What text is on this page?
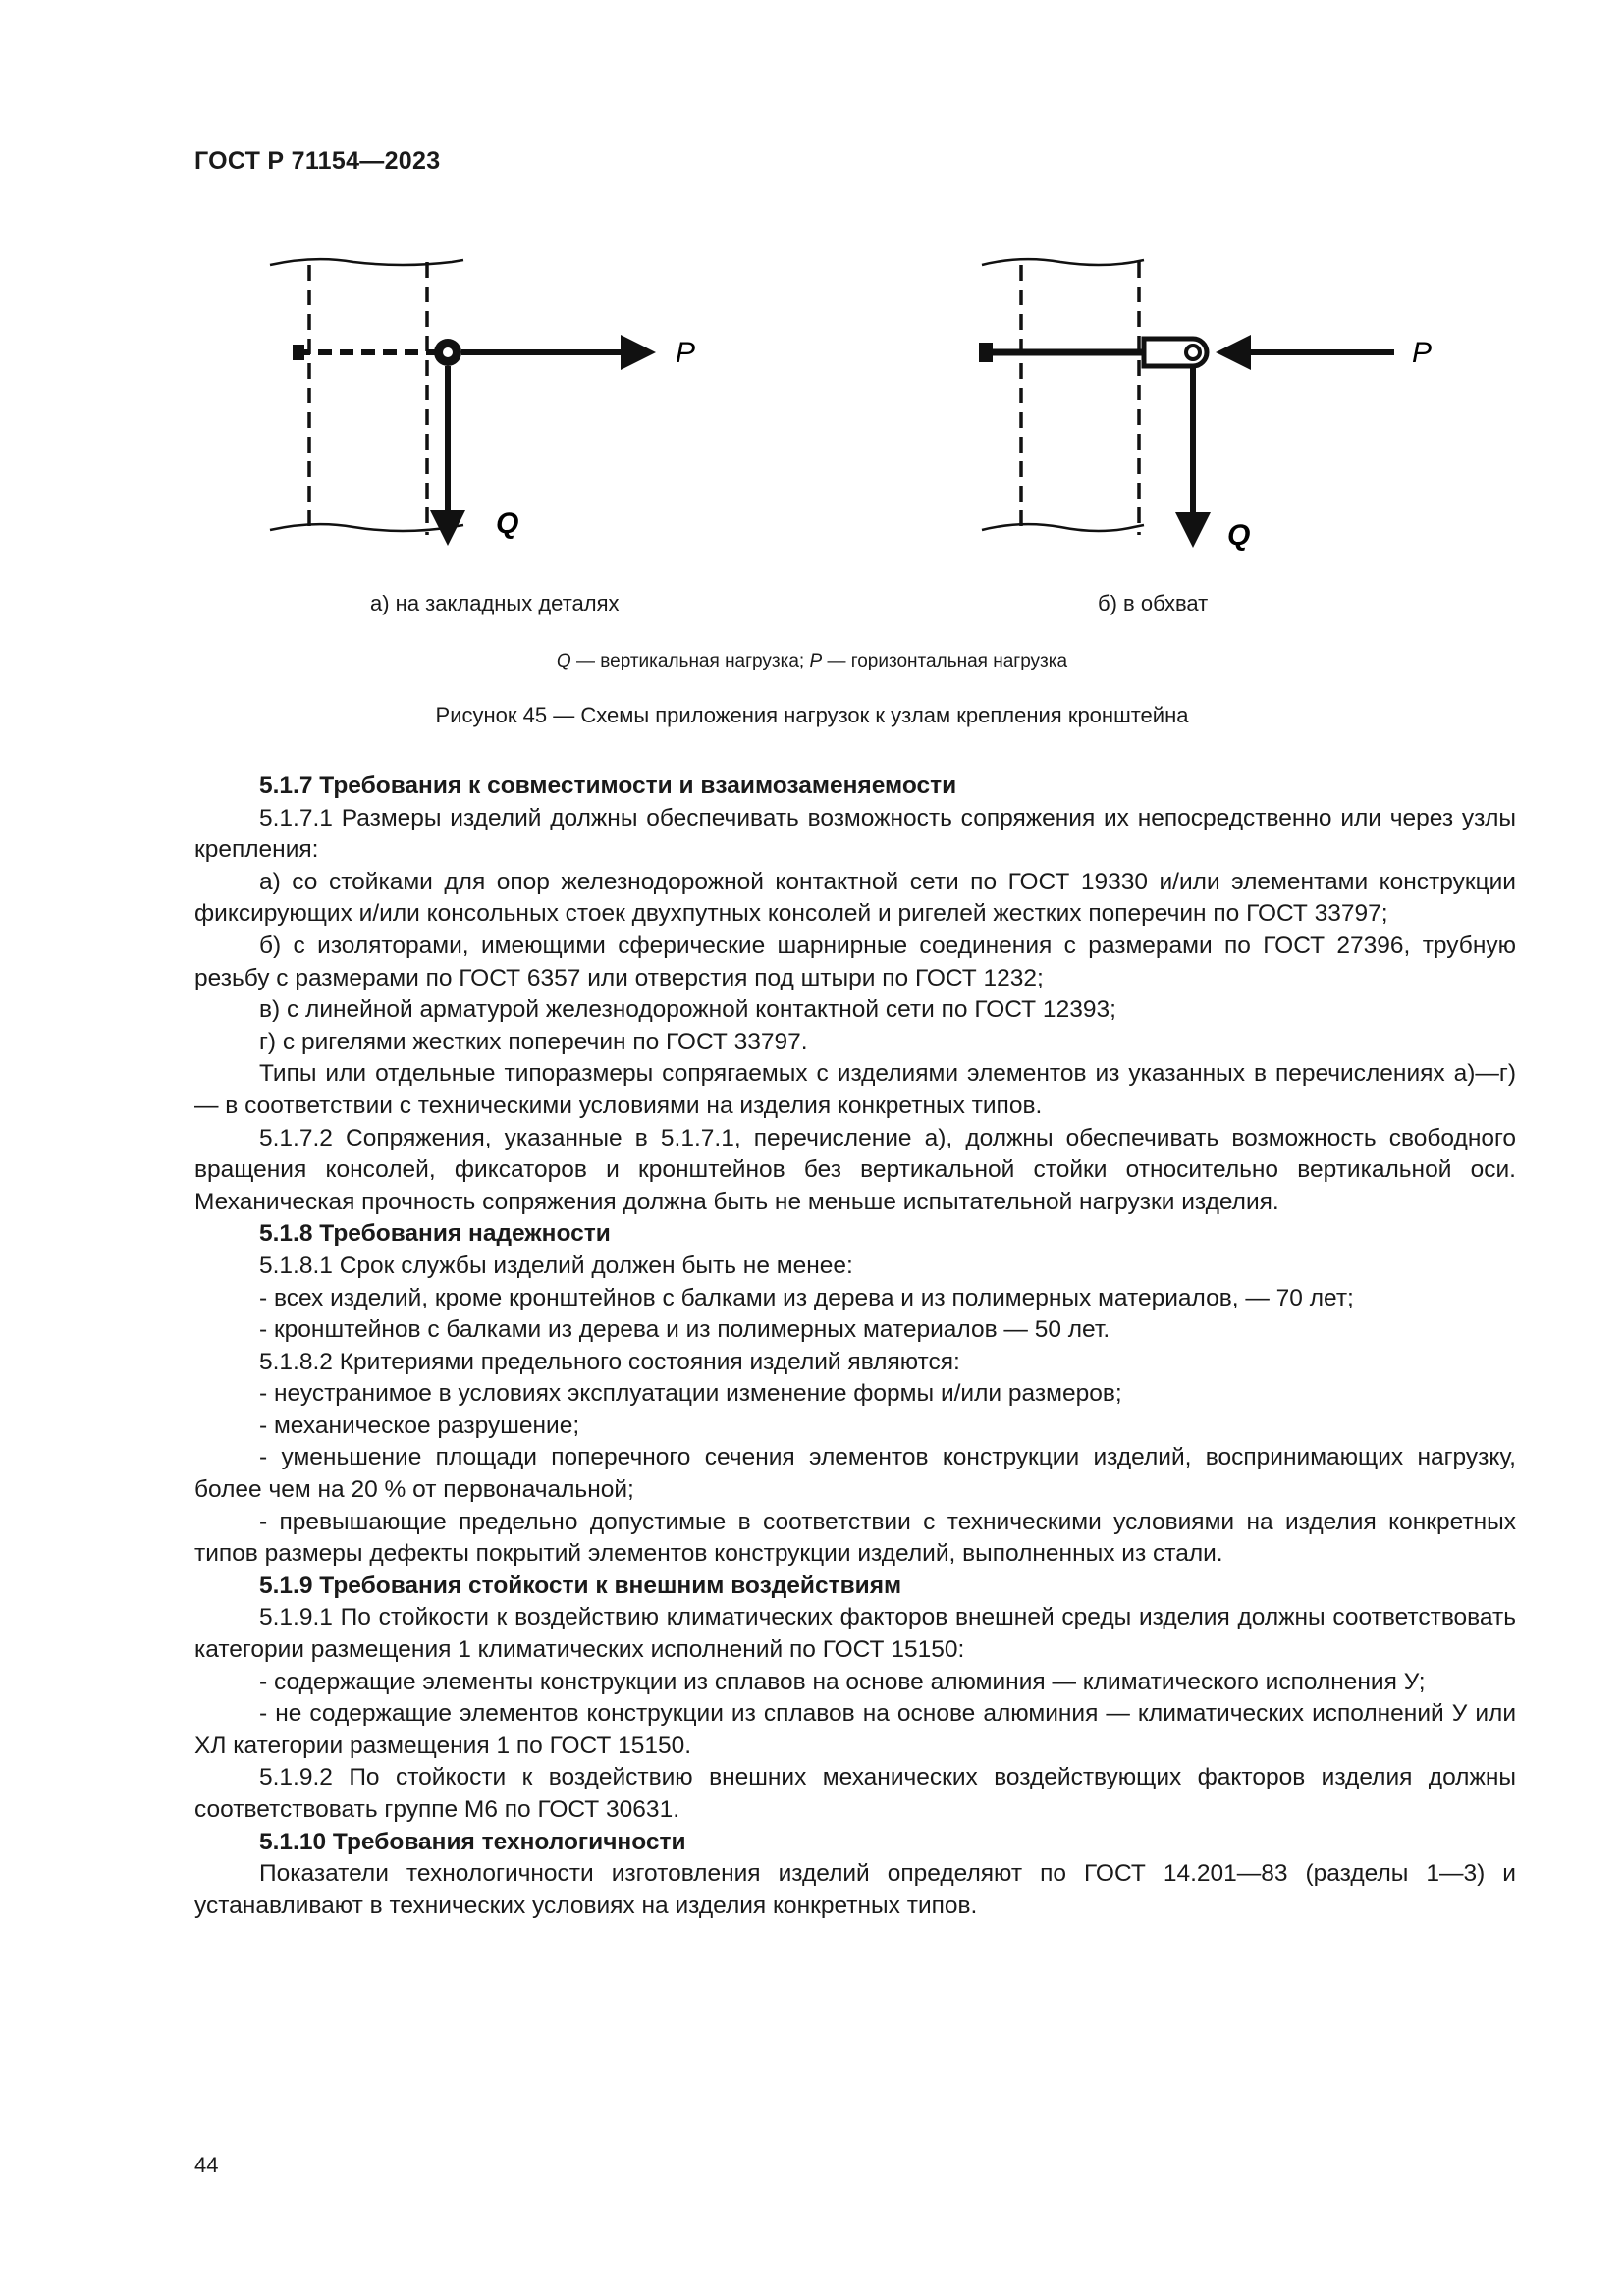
ГОСТ Р 71154—2023
P
Q
P
Q
а) на закладных деталях	б) в обхват
Q — вертикальная нагрузка; P — горизонтальная нагрузка
Рисунок 45 — Схемы приложения нагрузок к узлам крепления кронштейна

5.1.7 Требования к совместимости и взаимозаменяемости

5.1.7.1 Размеры изделий должны обеспечивать возможность сопряжения их непосредственно или через узлы крепления:

а) со стойками для опор железнодорожной контактной сети по ГОСТ 19330 и/или элементами конструкции фиксирующих и/или консольных стоек двухпутных консолей и ригелей жестких поперечин по ГОСТ 33797;

б) с изоляторами, имеющими сферические шарнирные соединения с размерами по ГОСТ 27396, трубную резьбу с размерами по ГОСТ 6357 или отверстия под штыри по ГОСТ 1232;

в) с линейной арматурой железнодорожной контактной сети по ГОСТ 12393;

г) с ригелями жестких поперечин по ГОСТ 33797.

Типы или отдельные типоразмеры сопрягаемых с изделиями элементов из указанных в перечислениях а)—г) — в соответствии с техническими условиями на изделия конкретных типов.

5.1.7.2 Сопряжения, указанные в 5.1.7.1, перечисление а), должны обеспечивать возможность свободного вращения консолей, фиксаторов и кронштейнов без вертикальной стойки относительно вертикальной оси. Механическая прочность сопряжения должна быть не меньше испытательной нагрузки изделия.

5.1.8 Требования надежности

5.1.8.1 Срок службы изделий должен быть не менее:

- всех изделий, кроме кронштейнов с балками из дерева и из полимерных материалов, — 70 лет;

- кронштейнов с балками из дерева и из полимерных материалов — 50 лет.

5.1.8.2 Критериями предельного состояния изделий являются:

- неустранимое в условиях эксплуатации изменение формы и/или размеров;

- механическое разрушение;

- уменьшение площади поперечного сечения элементов конструкции изделий, воспринимающих нагрузку, более чем на 20 % от первоначальной;

- превышающие предельно допустимые в соответствии с техническими условиями на изделия конкретных типов размеры дефекты покрытий элементов конструкции изделий, выполненных из стали.

5.1.9 Требования стойкости к внешним воздействиям

5.1.9.1 По стойкости к воздействию климатических факторов внешней среды изделия должны соответствовать категории размещения 1 климатических исполнений по ГОСТ 15150:

- содержащие элементы конструкции из сплавов на основе алюминия — климатического исполнения У;

- не содержащие элементов конструкции из сплавов на основе алюминия — климатических исполнений У или ХЛ категории размещения 1 по ГОСТ 15150.

5.1.9.2 По стойкости к воздействию внешних механических воздействующих факторов изделия должны соответствовать группе М6 по ГОСТ 30631.

5.1.10 Требования технологичности

Показатели технологичности изготовления изделий определяют по ГОСТ 14.201—83 (разделы 1—3) и устанавливают в технических условиях на изделия конкретных типов.

44
